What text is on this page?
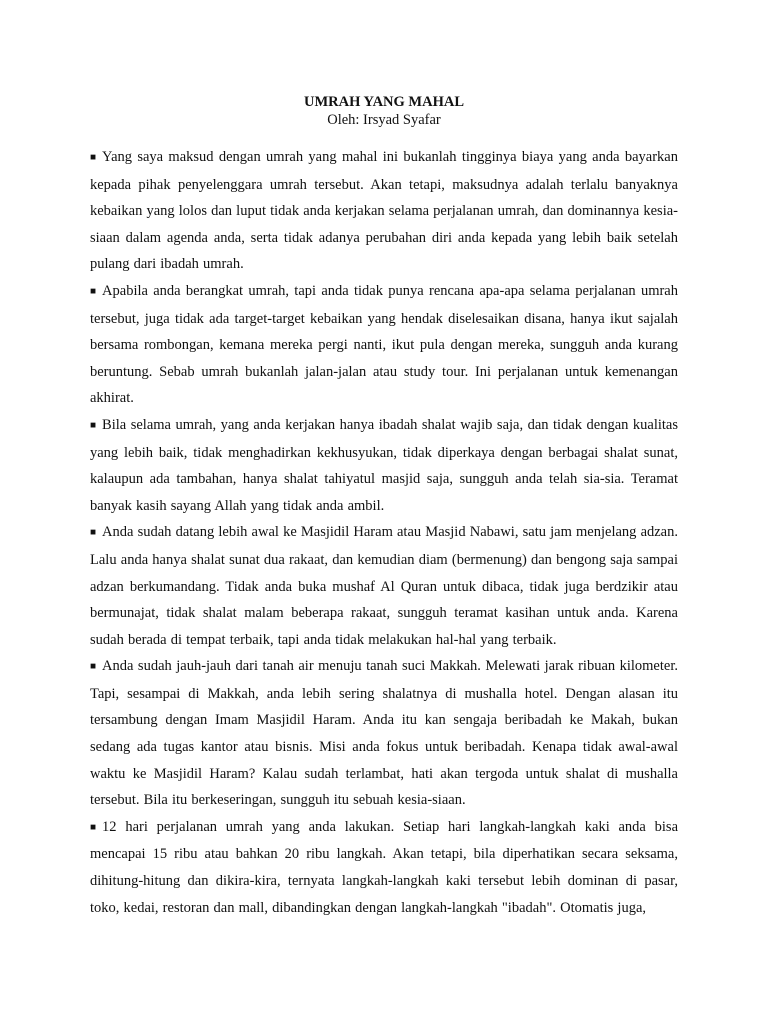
UMRAH YANG MAHAL

Oleh: Irsyad Syafar

■ Yang saya maksud dengan umrah yang mahal ini bukanlah tingginya biaya yang anda bayarkan kepada pihak penyelenggara umrah tersebut. Akan tetapi, maksudnya adalah terlalu banyaknya kebaikan yang lolos dan luput tidak anda kerjakan selama perjalanan umrah, dan dominannya kesia-siaan dalam agenda anda, serta tidak adanya perubahan diri anda kepada yang lebih baik setelah pulang dari ibadah umrah.

■ Apabila anda berangkat umrah, tapi anda tidak punya rencana apa-apa selama perjalanan umrah tersebut, juga tidak ada target-target kebaikan yang hendak diselesaikan disana, hanya ikut sajalah bersama rombongan, kemana mereka pergi nanti, ikut pula dengan mereka, sungguh anda kurang beruntung. Sebab umrah bukanlah jalan-jalan atau study tour. Ini perjalanan untuk kemenangan akhirat.

■ Bila selama umrah, yang anda kerjakan hanya ibadah shalat wajib saja, dan tidak dengan kualitas yang lebih baik, tidak menghadirkan kekhusyukan, tidak diperkaya dengan berbagai shalat sunat, kalaupun ada tambahan, hanya shalat tahiyatul masjid saja, sungguh anda telah sia-sia. Teramat banyak kasih sayang Allah yang tidak anda ambil.

■ Anda sudah datang lebih awal ke Masjidil Haram atau Masjid Nabawi, satu jam menjelang adzan. Lalu anda hanya shalat sunat dua rakaat, dan kemudian diam (bermenung) dan bengong saja sampai adzan berkumandang. Tidak anda buka mushaf Al Quran untuk dibaca, tidak juga berdzikir atau bermunajat, tidak shalat malam beberapa rakaat, sungguh teramat kasihan untuk anda. Karena sudah berada di tempat terbaik, tapi anda tidak melakukan hal-hal yang terbaik.

■ Anda sudah jauh-jauh dari tanah air menuju tanah suci Makkah. Melewati jarak ribuan kilometer. Tapi, sesampai di Makkah, anda lebih sering shalatnya di mushalla hotel. Dengan alasan itu tersambung dengan Imam Masjidil Haram. Anda itu kan sengaja beribadah ke Makah, bukan sedang ada tugas kantor atau bisnis. Misi anda fokus untuk beribadah. Kenapa tidak awal-awal waktu ke Masjidil Haram? Kalau sudah terlambat, hati akan tergoda untuk shalat di mushalla tersebut. Bila itu berkeseringan, sungguh itu sebuah kesia-siaan.

■ 12 hari perjalanan umrah yang anda lakukan. Setiap hari langkah-langkah kaki anda bisa mencapai 15 ribu atau bahkan 20 ribu langkah. Akan tetapi, bila diperhatikan secara seksama, dihitung-hitung dan dikira-kira, ternyata langkah-langkah kaki tersebut lebih dominan di pasar, toko, kedai, restoran dan mall, dibandingkan dengan langkah-langkah "ibadah". Otomatis juga,
